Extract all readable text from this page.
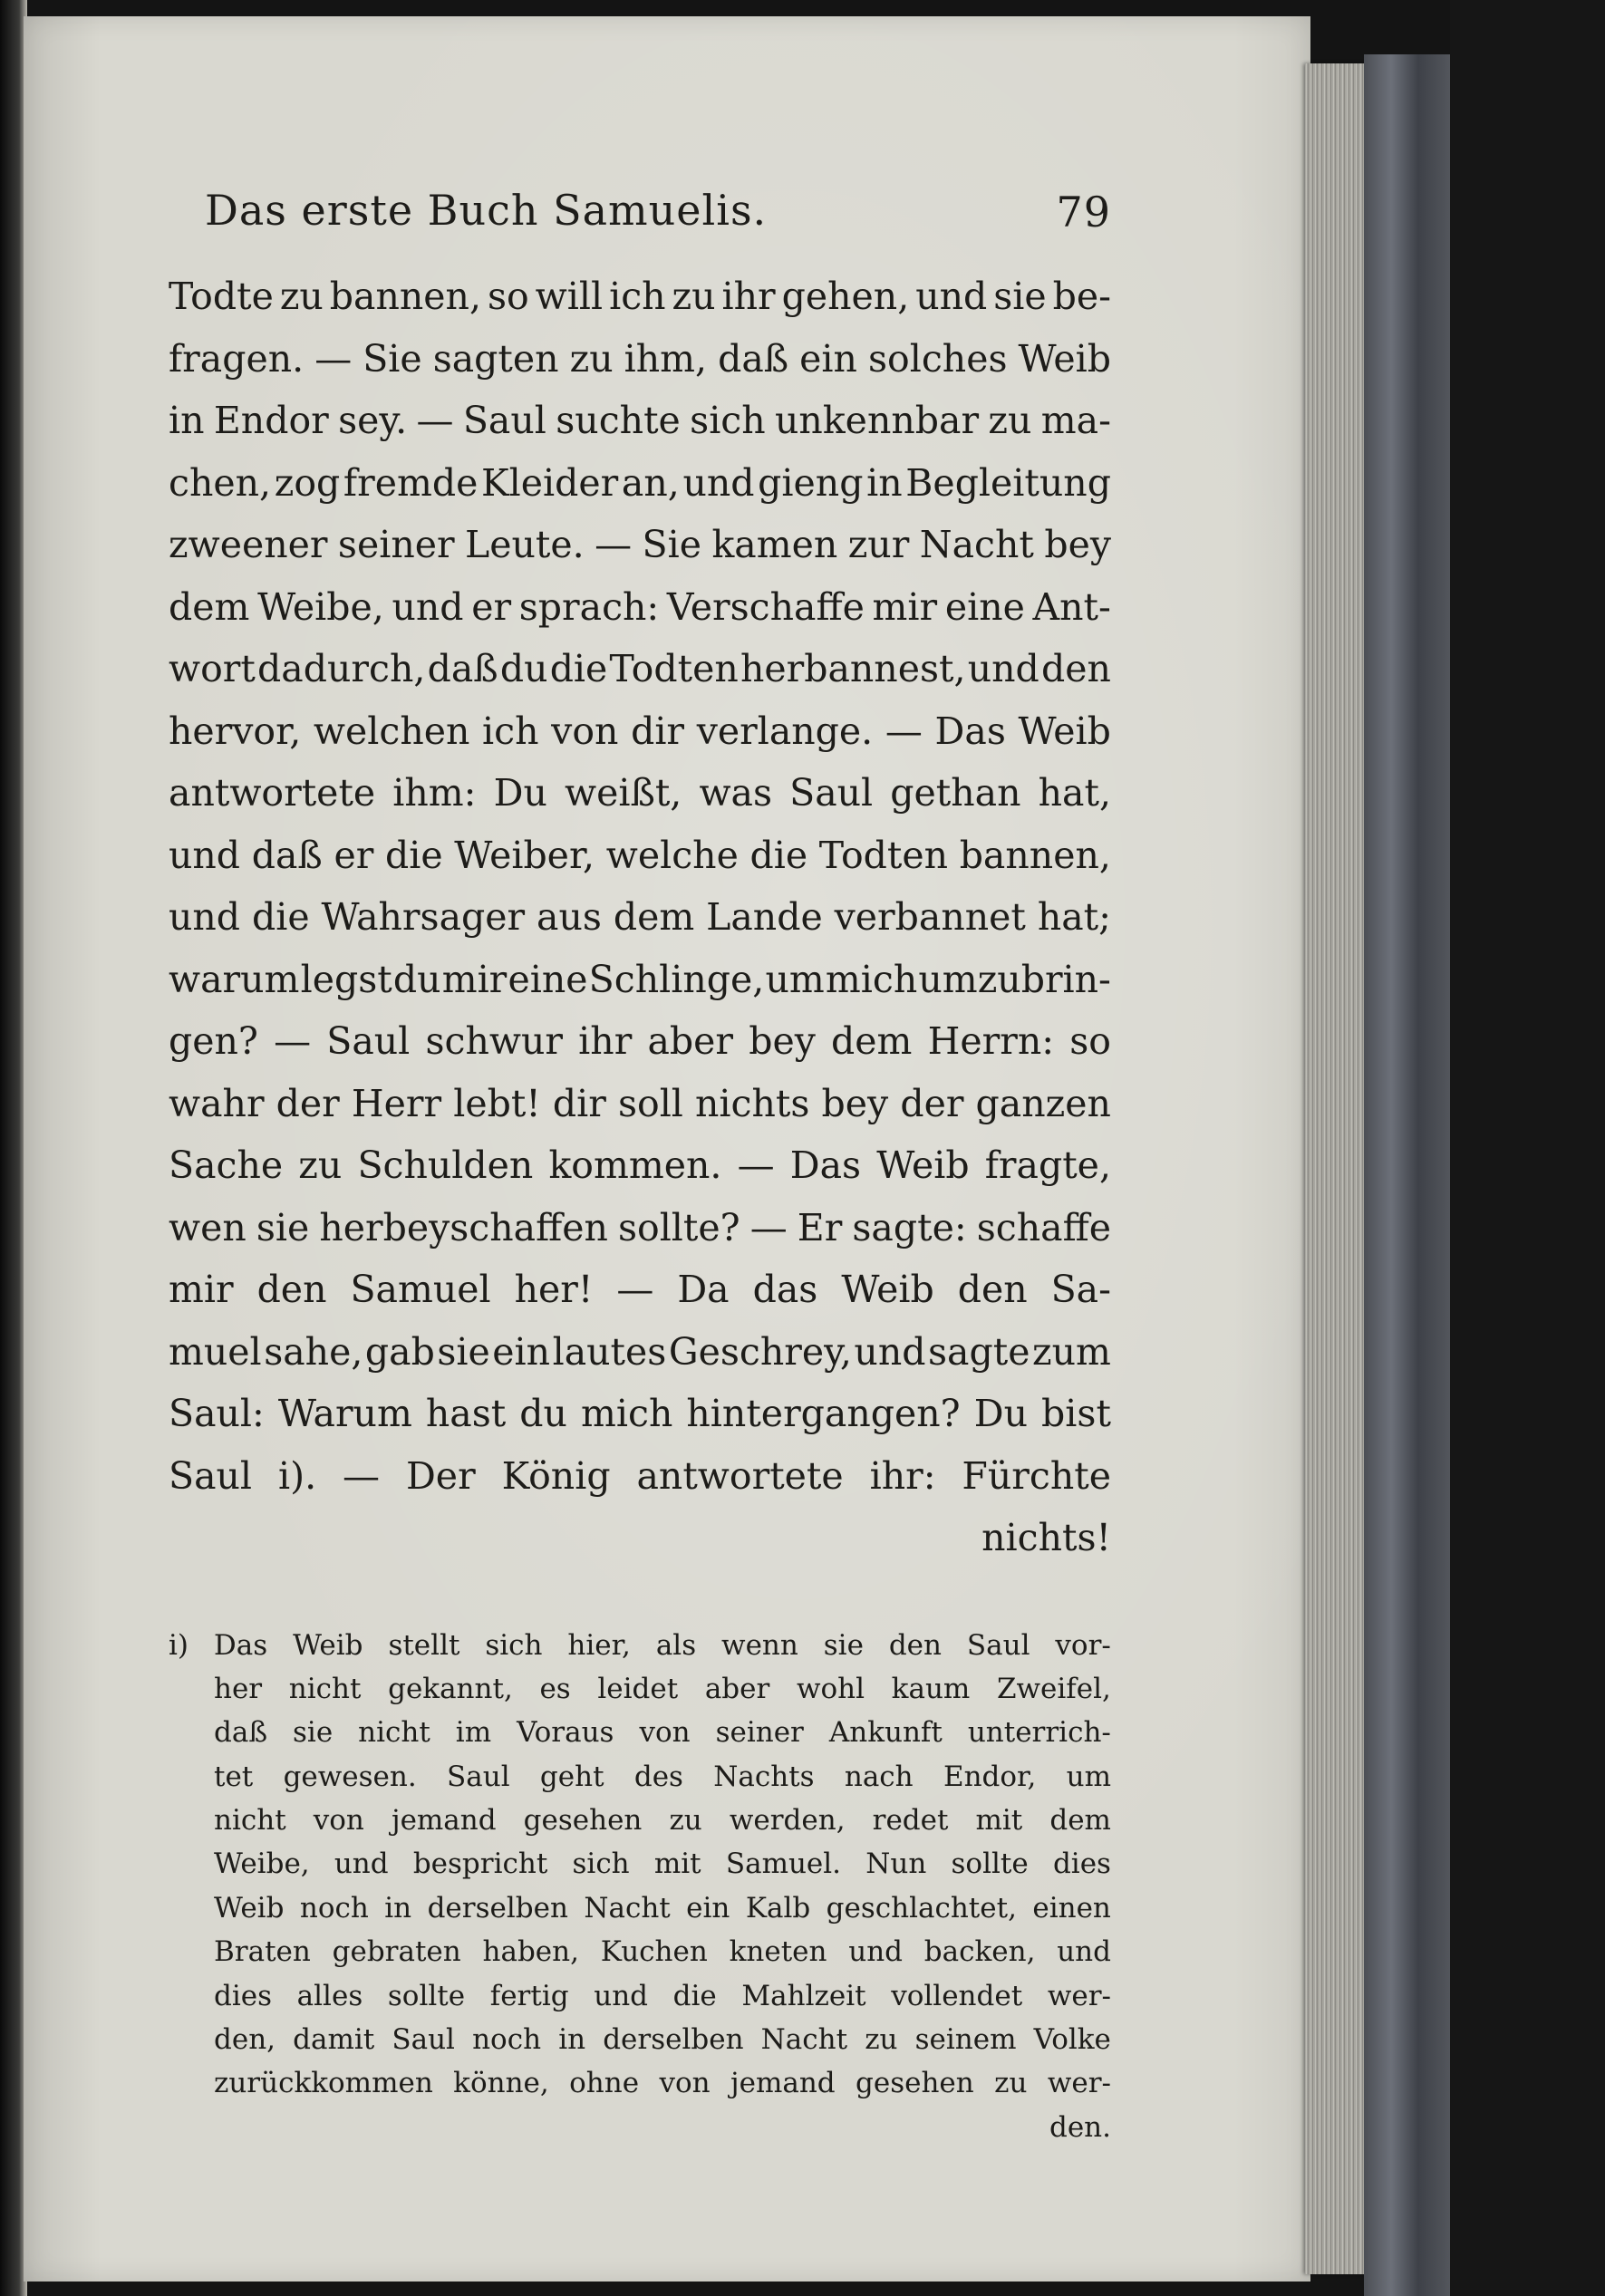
Das erste Buch Samuelis.	79
Todte zu bannen, so will ich zu ihr gehen, und sie be-
fragen. — Sie sagten zu ihm, daß ein solches Weib
in Endor sey. — Saul suchte sich unkennbar zu ma-
chen, zog fremde Kleider an, und gieng in Begleitung
zweener seiner Leute. — Sie kamen zur Nacht bey
dem Weibe, und er sprach: Verschaffe mir eine Ant-
wort dadurch, daß du die Todten herbannest, und den
hervor, welchen ich von dir verlange. — Das Weib
antwortete ihm: Du weißt, was Saul gethan hat,
und daß er die Weiber, welche die Todten bannen,
und die Wahrsager aus dem Lande verbannet hat;
warum legst du mir eine Schlinge, um mich umzubrin-
gen? — Saul schwur ihr aber bey dem Herrn: so
wahr der Herr lebt! dir soll nichts bey der ganzen
Sache zu Schulden kommen. — Das Weib fragte,
wen sie herbeyschaffen sollte? — Er sagte: schaffe
mir den Samuel her! — Da das Weib den Sa-
muel sahe, gab sie ein lautes Geschrey, und sagte zum
Saul: Warum hast du mich hintergangen? Du bist
Saul i). — Der König antwortete ihr: Fürchte
nichts!
i) Das Weib stellt sich hier, als wenn sie den Saul vor-
her nicht gekannt, es leidet aber wohl kaum Zweifel,
daß sie nicht im Voraus von seiner Ankunft unterrich-
tet gewesen. Saul geht des Nachts nach Endor, um
nicht von jemand gesehen zu werden, redet mit dem
Weibe, und bespricht sich mit Samuel. Nun sollte dies
Weib noch in derselben Nacht ein Kalb geschlachtet, einen
Braten gebraten haben, Kuchen kneten und backen, und
dies alles sollte fertig und die Mahlzeit vollendet wer-
den, damit Saul noch in derselben Nacht zu seinem Volke
zurückkommen könne, ohne von jemand gesehen zu wer-
den.
